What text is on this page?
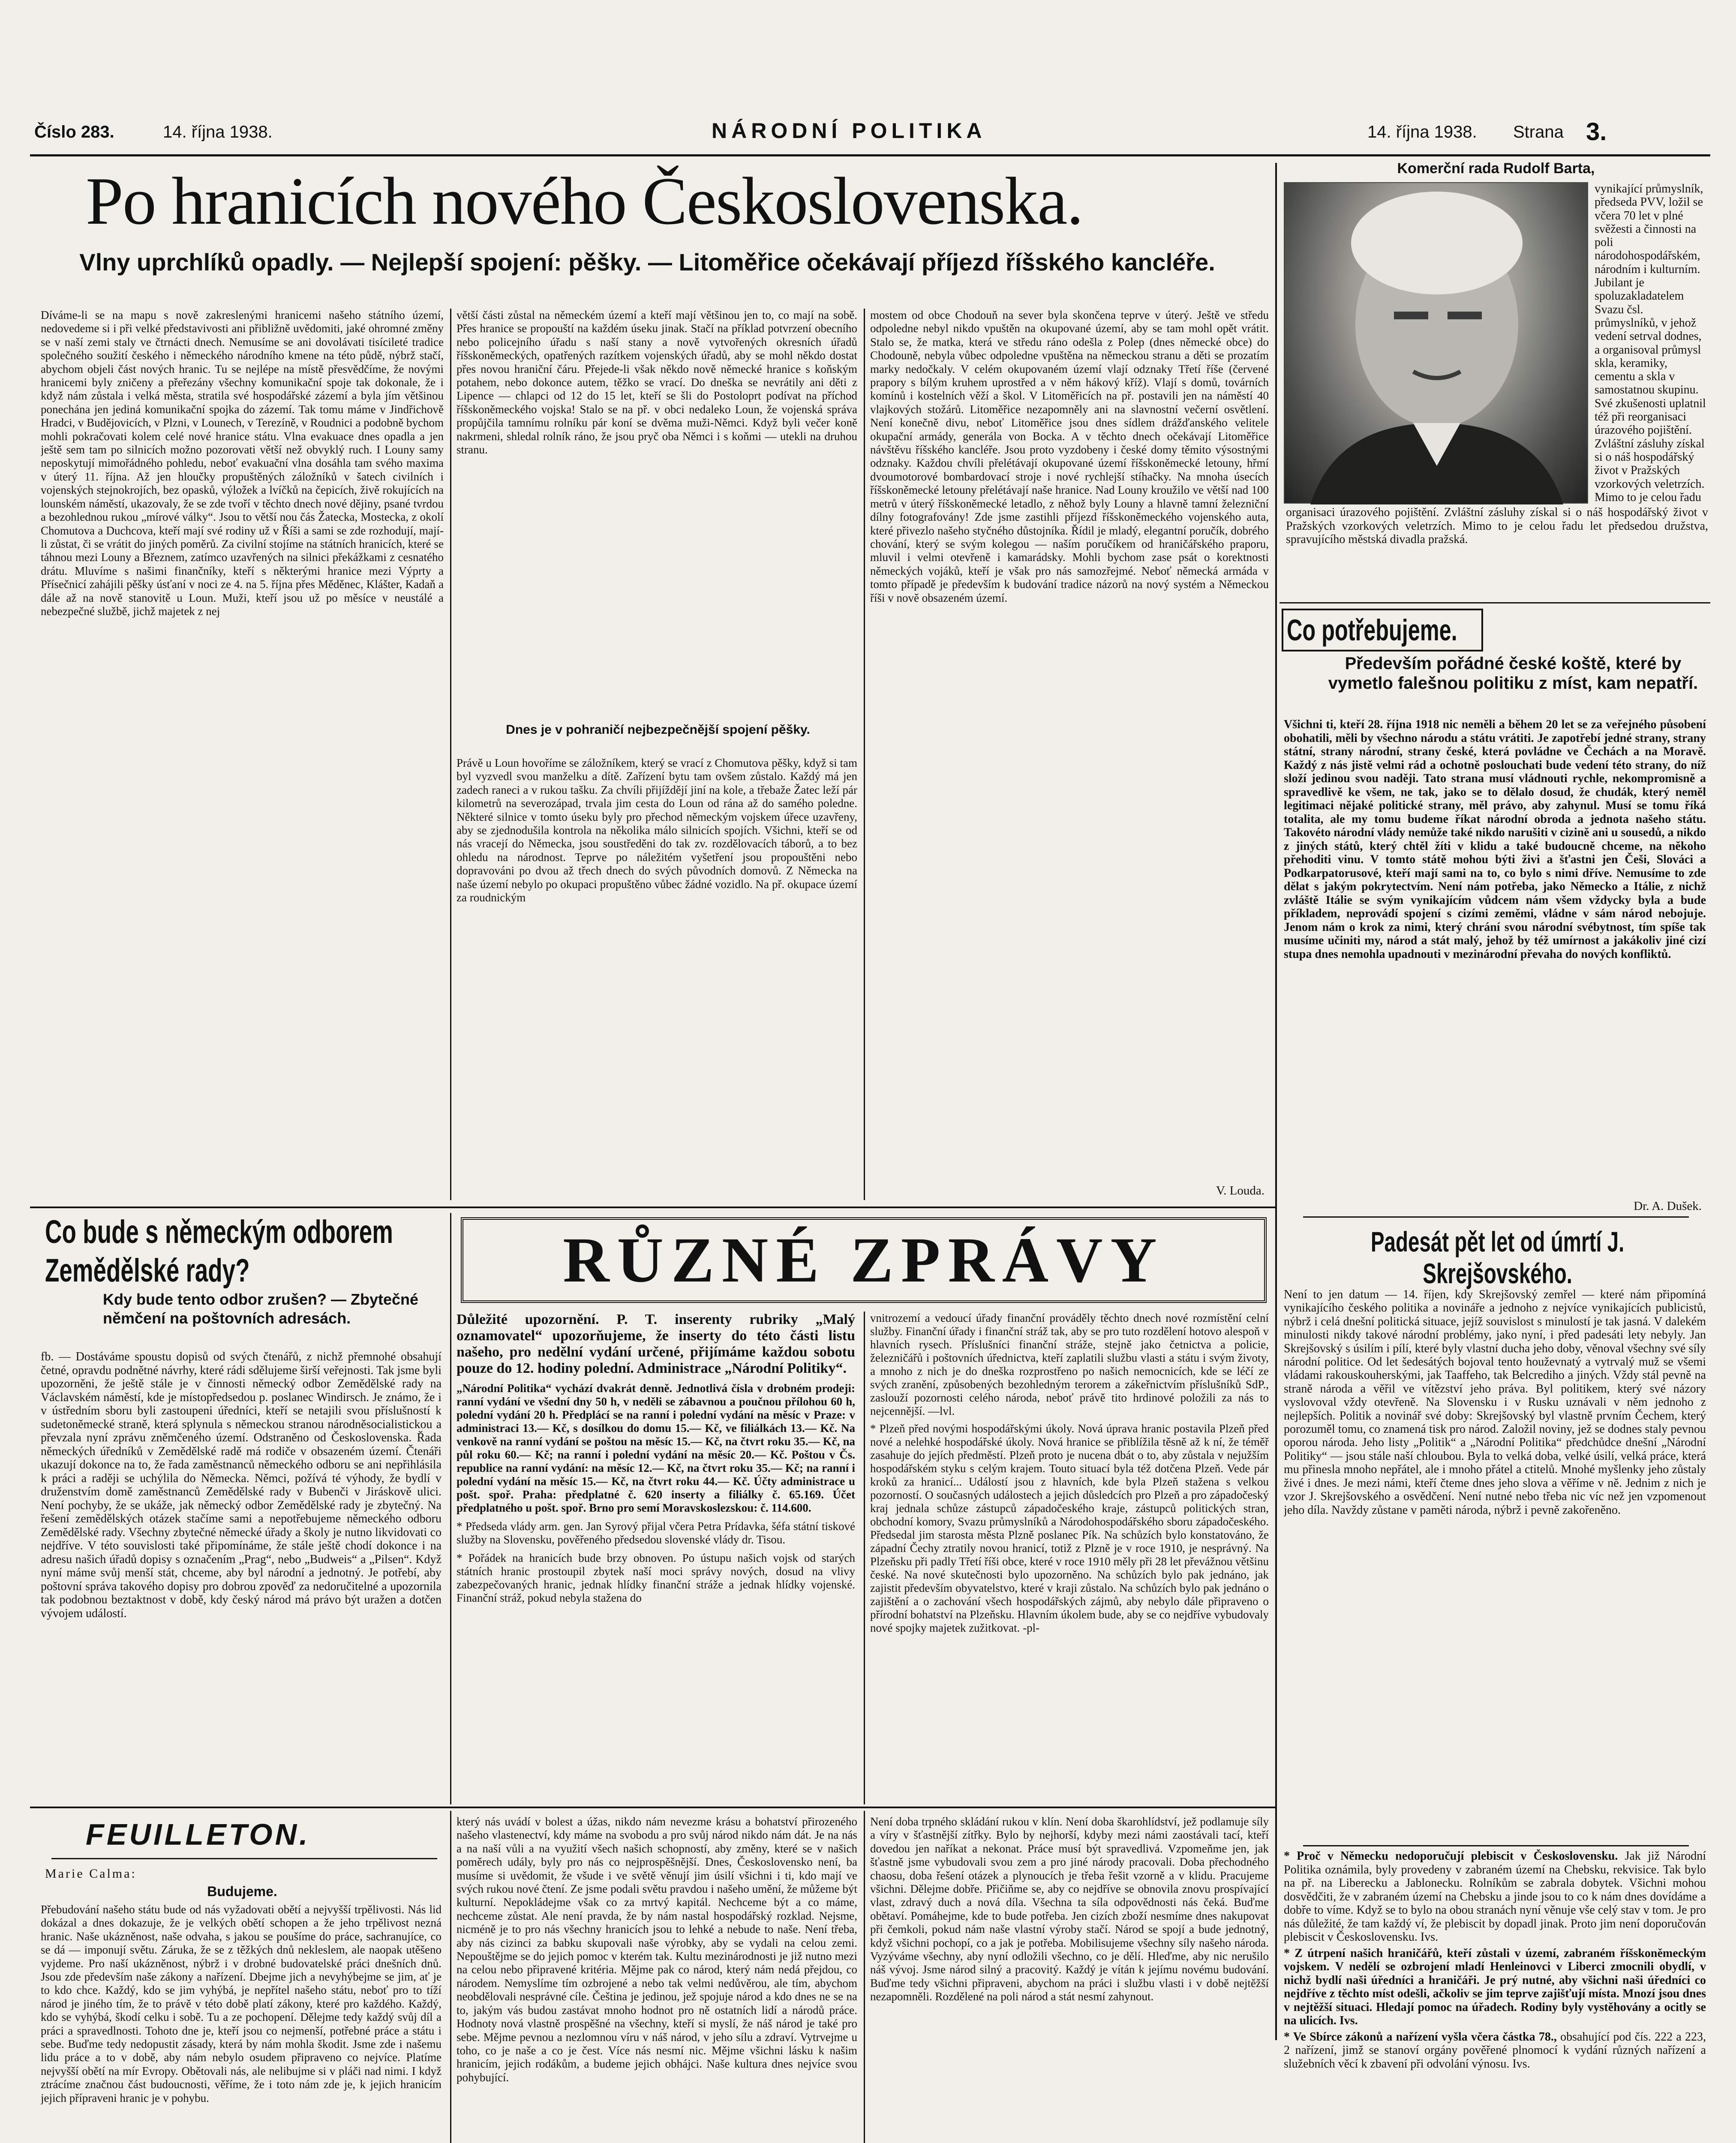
Číslo 283.	14. října 1938.	NÁRODNÍ POLITIKA	14. října 1938. Strana 3.
Po hranicích nového Československa.

Vlny uprchlíků opadly. — Nejlepší spojení: pěšky. — Litoměřice očekávají příjezd říšského kancléře.

Díváme-li se na mapu s nově zakreslenými hranicemi našeho státního území, nedovedeme si i při velké představivosti ani přibližně uvědomiti, jaké ohromné změny se v naší zemi staly ve čtrnácti dnech. Nemusíme se ani dovolávati tisícileté tradice společného soužití českého i německého národního kmene na této půdě, nýbrž stačí, abychom objeli část nových hranic. Tu se nejlépe na místě přesvědčíme, že novými hranicemi byly zničeny a přeřezány všechny komunikační spoje tak dokonale, že i když nám zůstala i velká města, stratila své hospodářské zázemí a byla jím většinou ponechána jen jediná komunikační spojka do zázemí. Tak tomu máme v Jindřichově Hradci, v Budějovicích, v Plzni, v Lounech, v Terezíně, v Roudnici a podobně bychom mohli pokračovati kolem celé nové hranice státu. Vlna evakuace dnes opadla a jen ještě sem tam po silnicích možno pozorovati větší než obvyklý ruch. I Louny samy neposkytují mimořádného pohledu, neboť evakuační vlna dosáhla tam svého maxima v úterý 11. října. Až jen hloučky propuštěných záložníků v šatech civilních i vojenských stejnokrojích, bez opasků, výložek a lvíčků na čepicích, živě rokujících na lounském náměstí, ukazovaly, že se zde tvoří v těchto dnech nové dějiny, psané tvrdou a bezohlednou rukou „mírové války“. Jsou to větší nou čás Žatecka, Mostecka, z okolí Chomutova a Duchcova, kteří mají své rodiny už v Říši a sami se zde rozhodují, mají-li zůstat, či se vrátit do jiných poměrů. Za civilní stojíme na státních hranicích, které se táhnou mezi Louny a Březnem, zatímco uzavřených na silnici překážkami z cesnatého drátu. Mluvíme s našimi finančníky, kteří s některými hranice mezi Výprty a Přísečnicí zahájili pěšky úsťaní v noci ze 4. na 5. října přes Měděnec, Klášter, Kadaň a dále až na nově stanovitě u Loun. Muži, kteří jsou už po měsíce v neustálé a nebezpečné službě, jichž majetek z nej
větší části zůstal na německém území a kteří mají většinou jen to, co mají na sobě. Přes hranice se propouští na každém úseku jinak. Stačí na příklad potvrzení obecního nebo policejního úřadu s naší stany a nově vytvořených okresních úřadů říšskoněmeckých, opatřených razítkem vojenských úřadů, aby se mohl někdo dostat přes novou hraniční čáru. Přejede-li však někdo nově německé hranice s koňským potahem, nebo dokonce autem, těžko se vrací. Do dneška se nevrátily ani děti z Lipence — chlapci od 12 do 15 let, kteří se šli do Postoloprt podívat na příchod říšskoněmeckého vojska! Stalo se na př. v obci nedaleko Loun, že vojenská správa propůjčila tamnímu rolníku pár koní se dvěma muži-Němci. Když byli večer koně nakrmeni, shledal rolník ráno, že jsou pryč oba Němci i s koňmi — utekli na druhou stranu.
Dnes je v pohraničí nejbezpečnější spojení pěšky.
Právě u Loun hovoříme se záložníkem, který se vrací z Chomutova pěšky, když si tam byl vyzvedl svou manželku a dítě. Zařízení bytu tam ovšem zůstalo. Každý má jen zadech raneci a v rukou tašku. Za chvíli přijíždějí jiní na kole, a třebaže Žatec leží pár kilometrů na severozápad, trvala jim cesta do Loun od rána až do samého poledne. Některé silnice v tomto úseku byly pro přechod německým vojskem úřece uzavřeny, aby se zjednodušila kontrola na několika málo silnicích spojích. Všichni, kteří se od nás vracejí do Německa, jsou soustředěni do tak zv. rozdělovacích táborů, a to bez ohledu na národnost. Teprve po náležitém vyšetření jsou propouštěni nebo dopravováni po dvou až třech dnech do svých původních domovů. Z Německa na naše území nebylo po okupaci propuštěno vůbec žádné vozidlo. Na př. okupace území za roudnickým
mostem od obce Chodouň na sever byla skončena teprve v úterý. Ještě ve středu odpoledne nebyl nikdo vpuštěn na okupované území, aby se tam mohl opět vrátit. Stalo se, že matka, která ve středu ráno odešla z Polep (dnes německé obce) do Chodouně, nebyla vůbec odpoledne vpuštěna na německou stranu a děti se prozatím marky nedočkaly. V celém okupovaném území vlají odznaky Třetí říše (červené prapory s bílým kruhem uprostřed a v něm hákový kříž). Vlají s domů, továrních komínů i kostelních věží a škol. V Litoměřicích na př. postavili jen na náměstí 40 vlajkových stožárů. Litoměřice nezapomněly ani na slavnostní večerní osvětlení. Není konečně divu, neboť Litoměřice jsou dnes sídlem drážďanského velitele okupační armády, generála von Bocka. A v těchto dnech očekávají Litoměřice návštěvu říšského kancléře. Jsou proto vyzdobeny i české domy těmito výsostnými odznaky. Každou chvíli přelétávají okupované území říšskoněmecké letouny, hřmí dvoumotorové bombardovací stroje i nové rychlejší stíhačky. Na mnoha úsecích říšskoněmecké letouny přelétávají naše hranice. Nad Louny kroužilo ve větší nad 100 metrů v úterý říšskoněmecké letadlo, z něhož byly Louny a hlavně tamní železniční dílny fotografovány! Zde jsme zastihli příjezd říšskoněmeckého vojenského auta, které přivezlo našeho styčného důstojníka. Řídil je mladý, elegantní poručík, dobrého chování, který se svým kolegou — naším poručíkem od hraničářského praporu, mluvil i velmi otevřeně i kamarádsky. Mohli bychom zase psát o korektnosti německých vojáků, kteří je však pro nás samozřejmé. Neboť německá armáda v tomto případě je především k budování tradice názorů na nový systém a Německou říši v nově obsazeném území.
V. Louda.
Komerční rada Rudolf Barta,
vynikající průmyslník, předseda PVV, ložil se včera 70 let v plné svěžesti a činnosti na poli národohospodářském, národním i kulturním. Jubilant je spoluzakladatelem Svazu čsl. průmyslníků, v jehož vedení setrval dodnes, a organisoval průmysl skla, keramiky, cementu a skla v samostatnou skupinu. Své zkušenosti uplatnil též při reorganisaci úrazového pojištění. Zvláštní zásluhy získal si o náš hospodářský život v Pražských vzorkových veletrzích. Mimo to je celou řadu
organisaci úrazového pojištění. Zvláštní zásluhy získal si o náš hospodářský život v Pražských vzorkových veletrzích. Mimo to je celou řadu let předsedou družstva, spravujícího městská divadla pražská.
Co potřebujeme.
Především pořádné české koště, které by vymetlo falešnou politiku z míst, kam nepatří.
Všichni ti, kteří 28. října 1918 nic neměli a během 20 let se za veřejného působení obohatili, měli by všechno národu a státu vrátiti. Je zapotřebí jedné strany, strany státní, strany národní, strany české, která povládne ve Čechách a na Moravě. Každý z nás jistě velmi rád a ochotně poslouchati bude vedení této strany, do níž složí jedinou svou naději. Tato strana musí vládnouti rychle, nekompromisně a spravedlivě ke všem, ne tak, jako se to dělalo dosud, že chudák, který neměl legitimaci nějaké politické strany, měl právo, aby zahynul. Musí se tomu říká totalita, ale my tomu budeme říkat národní obroda a jednota našeho státu. Takovéto národní vlády nemůže také nikdo narušiti v cizině ani u sousedů, a nikdo z jiných států, který chtěl žíti v klidu a také budoucně chceme, na někoho přehoditi vinu. V tomto státě mohou býti živi a šťastni jen Češi, Slováci a Podkarpatorusové, kteří mají sami na to, co bylo s nimi dříve. Nemusíme to zde dělat s jakým pokrytectvím. Není nám potřeba, jako Německo a Itálie, z nichž zvláště Itálie se svým vynikajícím vůdcem nám všem vždycky byla a bude příkladem, neprovádí spojení s cizími zeměmi, vládne v sám národ nebojuje. Jenom nám o krok za nimi, který chrání svou národní svébytnost, tím spíše tak musíme učiniti my, národ a stát malý, jehož by též umírnost a jakákoliv jiné cizí stupa dnes nemohla upadnouti v mezinárodní převaha do nových konfliktů.
Dr. A. Dušek.
Padesát pět let od úmrtí J. Skrejšovského.
Není to jen datum — 14. říjen, kdy Skrejšovský zemřel — které nám připomíná vynikajícího českého politika a novináře a jednoho z nejvíce vynikajících publicistů, nýbrž i celá dnešní politická situace, jejíž souvislost s minulostí je tak jasná. V dalekém minulosti nikdy takové národní problémy, jako nyní, i před padesáti lety nebyly. Jan Skrejšovský s úsilím i pílí, které byly vlastní ducha jeho doby, věnoval všechny své síly národní politice. Od let šedesátých bojoval tento houževnatý a vytrvalý muž se všemi vládami rakouskouherskými, jak Taaffeho, tak Belcrediho a jiných. Vždy stál pevně na straně národa a věřil ve vítězství jeho práva. Byl politikem, který své názory vyslovoval vždy otevřeně. Na Slovensku i v Rusku uznávali v něm jednoho z nejlepších. Politik a novinář své doby: Skrejšovský byl vlastně prvním Čechem, který porozuměl tomu, co znamená tisk pro národ. Založil noviny, jež se dodnes staly pevnou oporou národa. Jeho listy „Politik“ a „Národní Politika“ předchůdce dnešní „Národní Politiky“ — jsou stále naší chloubou. Byla to velká doba, velké úsilí, velká práce, která mu přinesla mnoho nepřátel, ale i mnoho přátel a ctitelů. Mnohé myšlenky jeho zůstaly živé i dnes. Je mezi námi, kteří čteme dnes jeho slova a věříme v ně. Jednim z nich je vzor J. Skrejšovského a osvědčení. Není nutné nebo třeba nic víc než jen vzpomenout jeho díla. Navždy zůstane v paměti národa, nýbrž i pevně zakořeněno.

* Proč v Německu nedoporučují plebiscit v Československu. Jak již Národní Politika oznámila, byly provedeny v zabraném území na Chebsku, rekvisice. Tak bylo na př. na Liberecku a Jablonecku. Rolníkům se zabrala dobytek. Všichni mohou dosvědčiti, že v zabraném území na Chebsku a jinde jsou to co k nám dnes dovídáme a dobře to víme. Když se to bylo na obou stranách nyní věnuje vše celý stav v tom. Je pro nás důležité, že tam každý ví, že plebiscit by dopadl jinak. Proto jim není doporučován plebiscit v Československu. Ivs.

* Z útrpení našich hraničářů, kteří zůstali v území, zabraném říšskoněmeckým vojskem. V nedělí se ozbrojení mladí Henleinovci v Liberci zmocnili obydlí, v nichž bydlí naši úředníci a hraničáři. Je prý nutné, aby všichni naši úředníci co nejdříve z těchto míst odešli, ačkoliv se jim teprve zajišťují místa. Mnozí jsou dnes v nejtěžší situaci. Hledají pomoc na úřadech. Rodiny byly vystěhovány a ocitly se na ulicích. Ivs.

* Ve Sbírce zákonů a nařízení vyšla včera částka 78., obsahující pod čís. 222 a 223, 2 nařízení, jimž se stanoví orgány pověřené plnomocí k vydání různých nařízení a služebních věcí k zbavení při odvolání výnosu. Ivs.

Co bude s německým odborem Zemědělské rady?
Kdy bude tento odbor zrušen? — Zbytečné němčení na poštovních adresách.
fb. — Dostáváme spoustu dopisů od svých čtenářů, z nichž přemnohé obsahují četné, opravdu podnětné návrhy, které rádi sdělujeme širší veřejnosti. Tak jsme byli upozorněni, že ještě stále je v činnosti německý odbor Zemědělské rady na Václavském náměstí, kde je místopředsedou p. poslanec Windirsch. Je známo, že i v ústředním sboru byli zastoupeni úředníci, kteří se netajili svou příslušností k sudetoněmecké straně, která splynula s německou stranou národněsocialistickou a převzala nyní zprávu zněmčeného území. Odstraněno od Československa. Řada německých úředníků v Zemědělské radě má rodiče v obsazeném území. Čtenáři ukazují dokonce na to, že řada zaměstnanců německého odboru se ani nepřihlásila k práci a raději se uchýlila do Německa. Němci, požívá té výhody, že bydlí v druženstvím domě zaměstnanců Zemědělské rady v Bubenči v Jiráskově ulici. Není pochyby, že se ukáže, jak německý odbor Zemědělské rady je zbytečný. Na řešení zemědělských otázek stačíme sami a nepotřebujeme německého odboru Zemědělské rady. Všechny zbytečné německé úřady a školy je nutno likvidovati co nejdříve. V této souvislosti také připomínáme, že stále ještě chodí dokonce i na adresu našich úřadů dopisy s označením „Prag“, nebo „Budweis“ a „Pilsen“. Když nyní máme svůj menší stát, chceme, aby byl národní a jednotný. Je potřebí, aby poštovní správa takového dopisy pro dobrou zpověď za nedoručitelné a upozornila tak podobnou beztaktnost v době, kdy český národ má právo být uražen a dotčen vývojem událostí.
RŮZNÉ ZPRÁVY

Důležité upozornění. P. T. inserenty rubriky „Malý oznamovatel“ upozorňujeme, že inserty do této části listu našeho, pro nedělní vydání určené, přijímáme každou sobotu pouze do 12. hodiny polední. Administrace „Národní Politiky“.

„Národní Politika“ vychází dvakrát denně. Jednotlivá čísla v drobném prodeji: ranní vydání ve všední dny 50 h, v neděli se zábavnou a poučnou přílohou 60 h, polední vydání 20 h. Předplácí se na ranní i polední vydání na měsíc v Praze: v administraci 13.— Kč, s dosílkou do domu 15.— Kč, ve filiálkách 13.— Kč. Na venkově na ranní vydání se poštou na měsíc 15.— Kč, na čtvrt roku 35.— Kč, na půl roku 60.— Kč; na ranní i polední vydání na měsíc 20.— Kč. Poštou v Čs. republice na ranní vydání: na měsíc 12.— Kč, na čtvrt roku 35.— Kč; na ranní i polední vydání na měsíc 15.— Kč, na čtvrt roku 44.— Kč. Účty administrace u pošt. spoř. Praha: předplatné č. 620 inserty a filiálky č. 65.169. Účet předplatného u pošt. spoř. Brno pro semí Moravskoslezskou: č. 114.600.

* Předseda vlády arm. gen. Jan Syrový přijal včera Petra Prídavka, šéfa státní tiskové služby na Slovensku, pověřeného předsedou slovenské vlády dr. Tisou.

* Pořádek na hranicích bude brzy obnoven. Po ústupu našich vojsk od starých státních hranic prostoupil zbytek naší moci správy nových, dosud na vlivy zabezpečovaných hranic, jednak hlídky finanční stráže a jednak hlídky vojenské. Finanční stráž, pokud nebyla stažena do

vnitrozemí a vedoucí úřady finanční prováděly těchto dnech nové rozmístění celní služby. Finanční úřady i finanční stráž tak, aby se pro tuto rozdělení hotovo alespoň v hlavních rysech. Příslušníci finanční stráže, stejně jako četnictva a policie, železničářů i poštovních úřednictva, kteří zaplatili službu vlasti a státu i svým životy, a mnoho z nich je do dneška rozprostřeno po našich nemocnicích, kde se léčí ze svých zranění, způsobených bezohledným terorem a zákeřnictvím příslušníků SdP., zaslouží pozornosti celého národa, neboť právě tito hrdinové položili za nás to nejcennější. —lvl.

* Plzeň před novými hospodářskými úkoly. Nová úprava hranic postavila Plzeň před nové a nelehké hospodářské úkoly. Nová hranice se přiblížila těsně až k ní, že téměř zasahuje do jejích předměstí. Plzeň proto je nucena dbát o to, aby zůstala v nejužším hospodářském styku s celým krajem. Touto situací byla též dotčena Plzeň. Vede pár kroků za hranicí... Událostí jsou z hlavních, kde byla Plzeň stažena s velkou pozorností. O současných událostech a jejich důsledcích pro Plzeň a pro západočeský kraj jednala schůze zástupců západočeského kraje, zástupců politických stran, obchodní komory, Svazu průmyslníků a Národohospodářského sboru západočeského. Předsedal jim starosta města Plzně poslanec Pík. Na schůzích bylo konstatováno, že západní Čechy ztratily novou hranicí, totiž z Plzně je v roce 1910, je nesprávný. Na Plzeňsku při padly Třetí říši obce, které v roce 1910 měly při 28 let převážnou většinu české. Na nové skutečnosti bylo upozorněno. Na schůzích bylo pak jednáno, jak zajistit především obyvatelstvo, které v kraji zůstalo. Na schůzích bylo pak jednáno o zajištění a o zachování všech hospodářských zájmů, aby nebylo dále připraveno o přírodní bohatství na Plzeňsku. Hlavním úkolem bude, aby se co nejdříve vybudovaly nové spojky majetek zužitkovat. -pl-

FEUILLETON.
Marie Calma:
Budujeme.
Přebudování našeho státu bude od nás vyžadovati obětí a nejvyšší trpělivosti. Nás lid dokázal a dnes dokazuje, že je velkých obětí schopen a že jeho trpělivost nezná hranic. Naše ukázněnost, naše odvaha, s jakou se poušíme do práce, sachranujíce, co se dá — imponují světu. Záruka, že se z těžkých dnů nekleslem, ale naopak utěšeno vyjdeme. Pro naší ukázněnost, nýbrž i v drobné budovatelské práci dnešních dnů. Jsou zde především naše zákony a nařízení. Dbejme jich a nevyhýbejme se jim, ať je to kdo chce. Každý, kdo se jim vyhýbá, je nepřítel našeho státu, neboť pro to tíží národ je jiného tím, že to právě v této době platí zákony, které pro každého. Každý, kdo se vyhýbá, škodí celku i sobě. Tu a ze pochopení. Dělejme tedy každý svůj díl a práci a spravedlnosti. Tohoto dne je, kteří jsou co nejmenší, potřebné práce a státu i sebe. Buďme tedy nedopustit zásady, která by nám mohla škodit. Jsme zde i našemu lidu práce a to v době, aby nám nebylo osudem připraveno co nejvíce. Platíme nejvyšší obětí na mír Evropy. Obětovali nás, ale nelibujme si v pláči nad nimi. I když ztrácíme značnou část budoucnosti, věříme, že i toto nám zde je, k jejich hranicím jejich přípraveni hranic je v pohybu.
který nás uvádí v bolest a úžas, nikdo nám nevezme krásu a bohatství přirozeného našeho vlastenectví, kdy máme na svobodu a pro svůj národ nikdo nám dát. Je na nás a na naší vůli a na využití všech našich schopností, aby změny, které se v našich poměrech udály, byly pro nás co nejprospěšnější. Dnes, Československo není, ba musíme si uvědomit, že všude i ve světě věnují jim úsilí všichni i ti, kdo mají ve svých rukou nové čtení. Ze jsme podali světu pravdou i našeho umění, že můžeme být kulturní. Nepokládejme však co za mrtvý kapitál. Nechceme být a co máme, nechceme zůstat. Ale není pravda, že by nám nastal hospodářský rozklad. Nejsme, nicméně je to pro nás všechny hranicích jsou to lehké a nebude to naše. Není třeba, aby nás cizinci za babku skupovali naše výrobky, aby se vydali na celou zemi. Nepouštějme se do jejich pomoc v kterém tak. Kultu mezinárodnosti je již nutno mezi na celou nebo připravené kritéria. Mějme pak co národ, který nám nedá přejdou, co národem. Nemyslíme tím ozbrojené a nebo tak velmi nedůvěrou, ale tím, abychom neobdělovali nesprávné cíle. Čeština je jedinou, jež spojuje národ a kdo dnes ne se na to, jakým vás budou zastávat mnoho hodnot pro ně ostatních lidí a národů práce. Hodnoty nová vlastně prospěšné na všechny, kteří si myslí, že náš národ je také pro sebe. Mějme pevnou a nezlomnou víru v náš národ, v jeho sílu a zdraví. Vytrvejme u toho, co je naše a co je čest. Více nás nesmí nic. Mějme všichni lásku k našim hranicím, jejich rodákům, a budeme jejich obhájci. Naše kultura dnes nejvíce svou pohybující.
Není doba trpného skládání rukou v klín. Není doba škarohlídství, jež podlamuje síly a víry v šťastnější zítřky. Bylo by nejhorší, kdyby mezi námi zaostávali tací, kteří dovedou jen naříkat a nekonat. Práce musí být spravedlivá. Vzpomeňme jen, jak šťastně jsme vybudovali svou zem a pro jiné národy pracovali. Doba přechodného chaosu, doba řešení otázek a plynoucích je třeba řešit vzorně a v klidu. Pracujeme všichni. Dělejme dobře. Přičiňme se, aby co nejdříve se obnovila znovu prospívající vlast, zdravý duch a nová díla. Všechna ta síla odpovědnosti nás čeká. Buďme obětaví. Pomáhejme, kde to bude potřeba. Jen cizích zboží nesmíme dnes nakupovat při čemkoli, pokud nám naše vlastní výroby stačí. Národ se spojí a bude jednotný, když všichni pochopí, co a jak je potřeba. Mobilisujeme všechny síly našeho národa. Vyzýváme všechny, aby nyní odložili všechno, co je dělí. Hleďme, aby nic nerušilo náš vývoj. Jsme národ silný a pracovitý. Každý je vítán k jejímu novému budování. Buďme tedy všichni připraveni, abychom na práci i službu vlasti i v době nejtěžší nezapomněli. Rozdělené na poli národ a stát nesmí zahynout.
